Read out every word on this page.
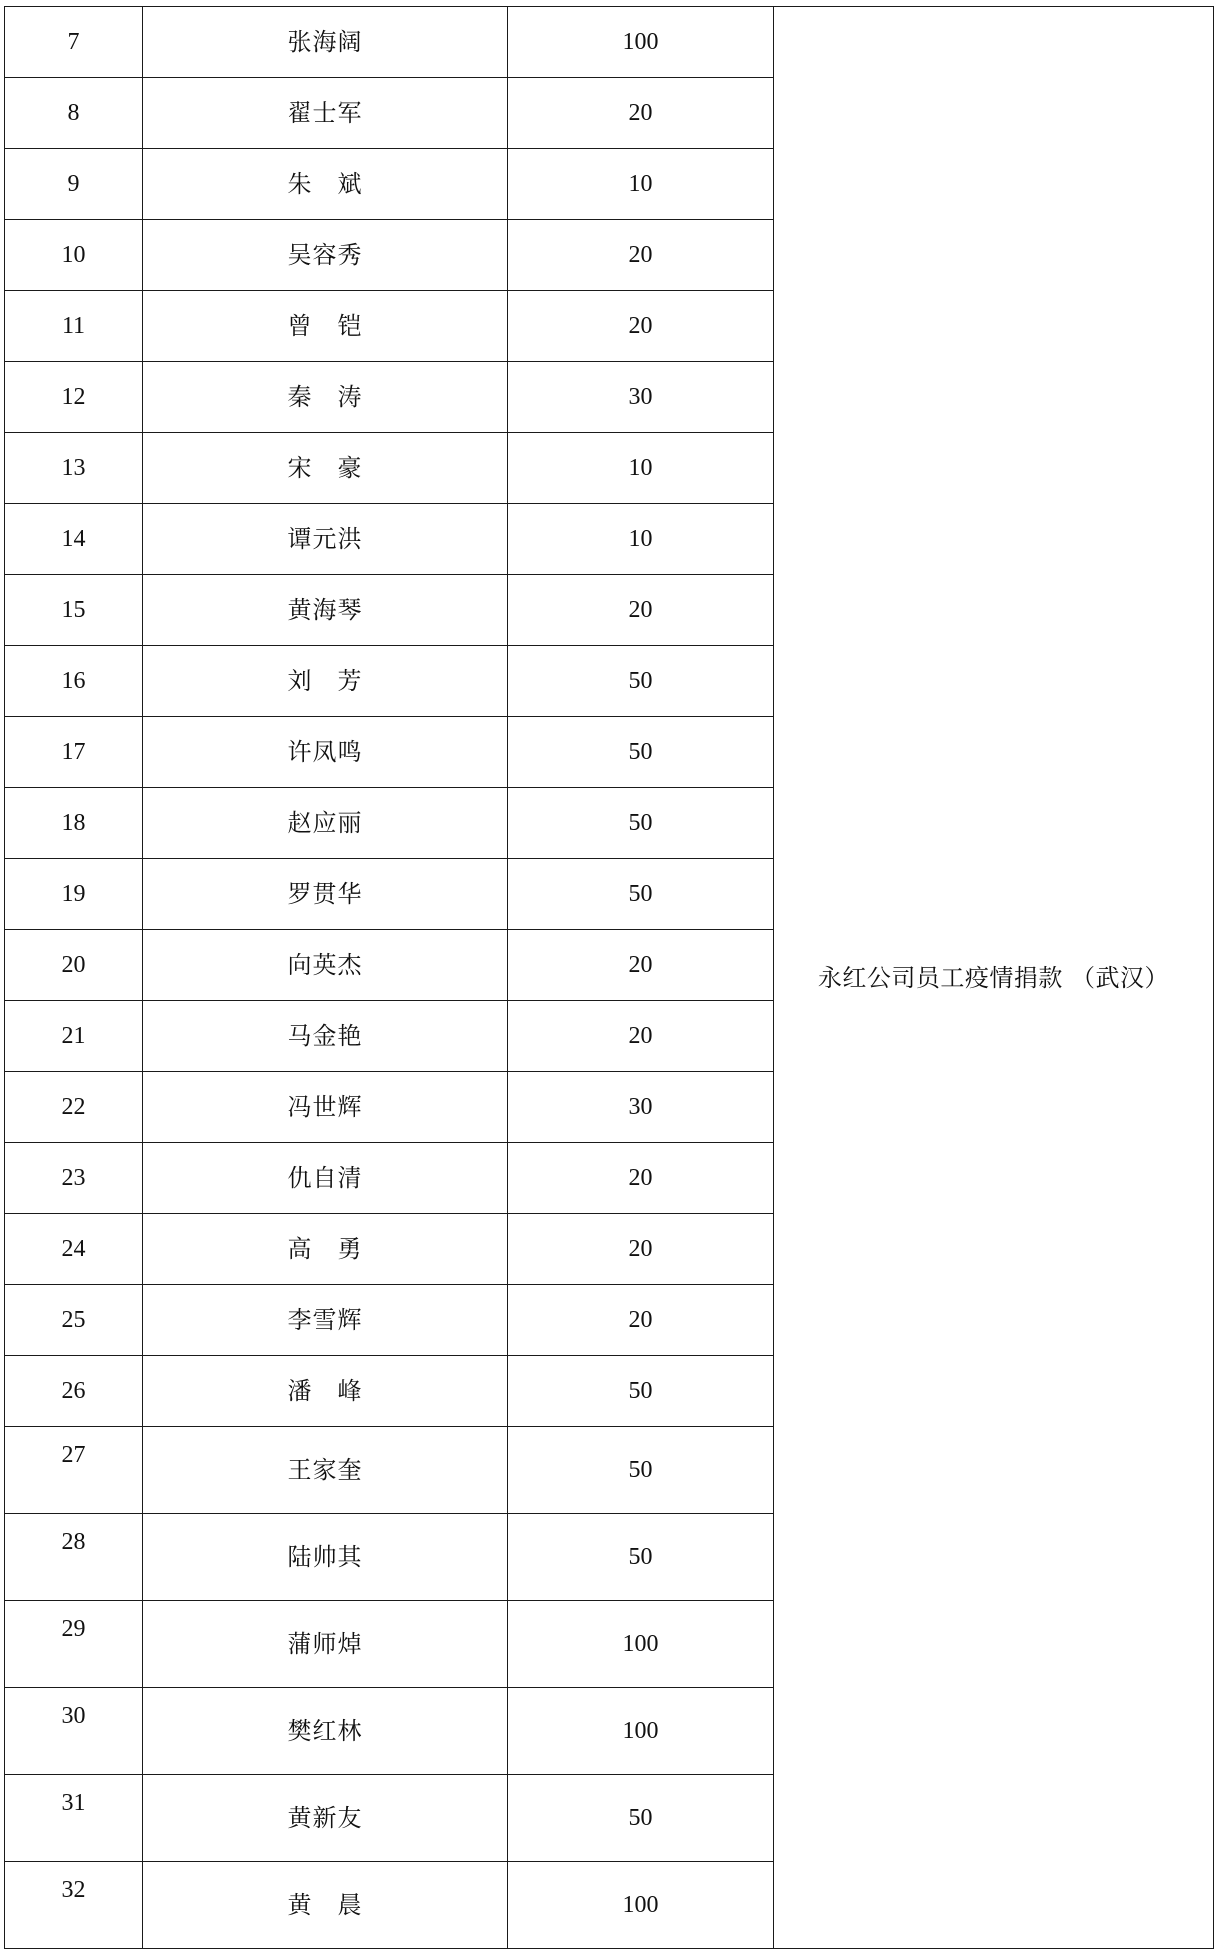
7	张海阔	100	永红公司员工疫情捐款 （武汉）
8	翟士军	20	
9	朱　斌	10	
10	吴容秀	20	
11	曾　铠	20	
12	秦　涛	30	
13	宋　豪	10	
14	谭元洪	10	
15	黄海琴	20	
16	刘　芳	50	
17	许凤鸣	50	
18	赵应丽	50	
19	罗贯华	50	
20	向英杰	20	
21	马金艳	20	
22	冯世辉	30	
23	仇自清	20	
24	高　勇	20	
25	李雪辉	20	
26	潘　峰	50	
27	王家奎	50	
28	陆帅其	50	
29	蒲师焯	100	
30	樊红林	100	
31	黄新友	50	
32	黄　晨	100	
